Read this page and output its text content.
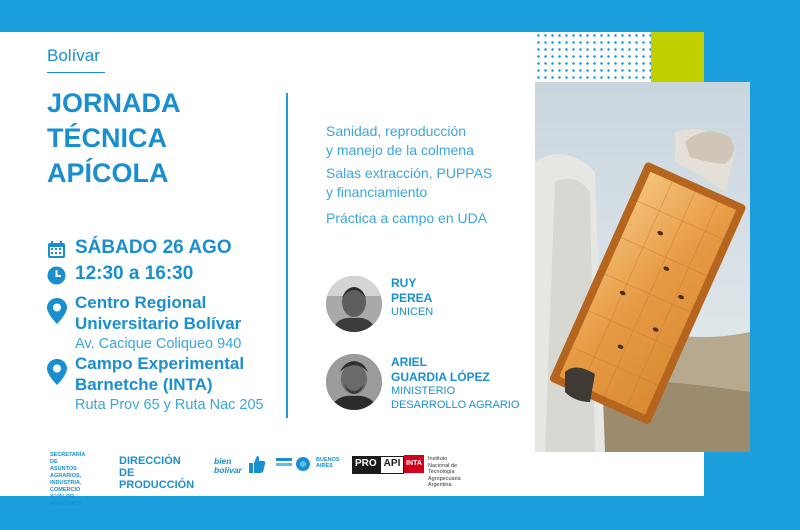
Bolívar
JORNADA
TÉCNICA
APÍCOLA
SÁBADO 26 AGO
12:30 a 16:30
Centro Regional
Universitario Bolívar
Av. Cacique Coliqueo 940
Campo Experimental
Barnetche (INTA)
Ruta Prov 65 y Ruta Nac 205
Sanidad, reproducción
y manejo de la colmena
Salas extracción, PUPPAS
y financiamiento
Práctica a campo en UDA
RUY
PEREA
UNICEN
ARIEL
GUARDIA LÓPEZ
MINISTERIO
DESARROLLO AGRARIO
SECRETARÍA DE
ASUNTOS AGRARIOS,
INDUSTRIA, COMERCIO
Y VALOR AGREGADO
DIRECCIÓN DE
PRODUCCIÓN
bien
bolivar
BUENOS
AIRES	PRO API INTA
Instituto Nacional de
Tecnología Agropecuaria
Argentina
